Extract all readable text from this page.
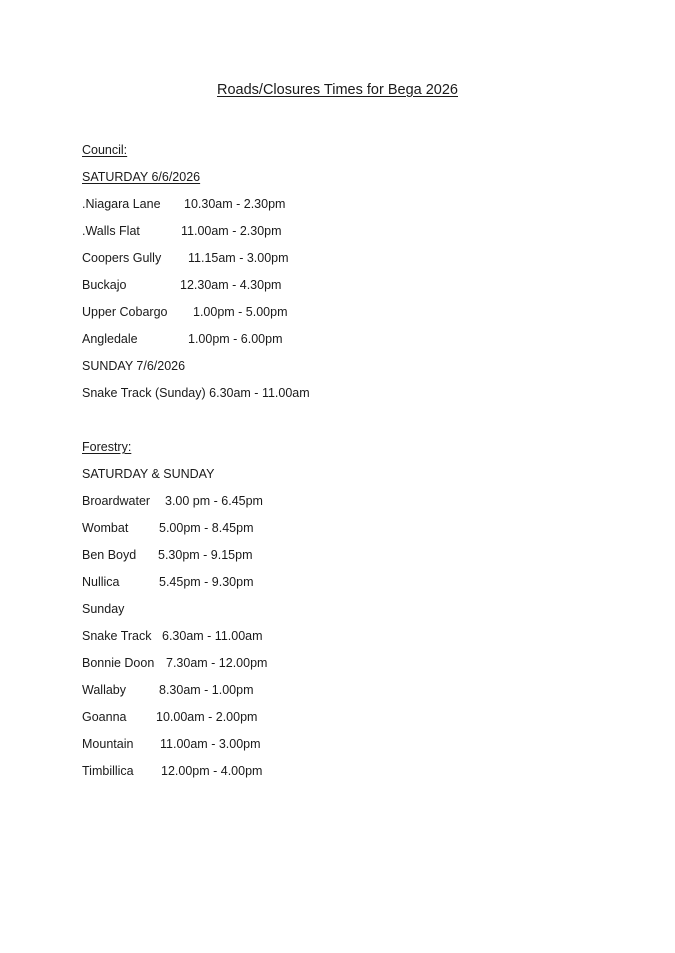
Roads/Closures Times for Bega 2026
Council:
SATURDAY 6/6/2026
.Niagara Lane 10.30am - 2.30pm
.Walls Flat	11.00am - 2.30pm
Coopers Gully 11.15am - 3.00pm
Buckajo	12.30am - 4.30pm
Upper Cobargo 1.00pm - 5.00pm
Angledale	1.00pm - 6.00pm
SUNDAY 7/6/2026
Snake Track (Sunday) 6.30am - 11.00am
Forestry:
SATURDAY & SUNDAY
Broardwater 3.00 pm - 6.45pm
Wombat 5.00pm - 8.45pm
Ben Boyd 5.30pm - 9.15pm
Nullica	5.45pm - 9.30pm
Sunday
Snake Track 6.30am - 11.00am
Bonnie Doon 7.30am - 12.00pm
Wallaby	8.30am - 1.00pm
Goanna 10.00am - 2.00pm
Mountain 11.00am - 3.00pm
Timbillica 12.00pm - 4.00pm
